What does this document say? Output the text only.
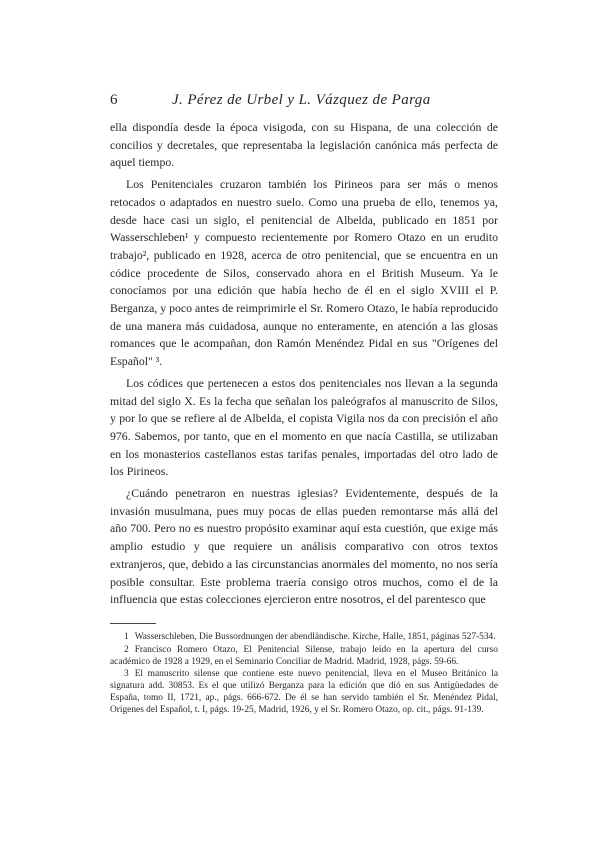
6	J. Pérez de Urbel y L. Vázquez de Parga

ella dispondía desde la época visigoda, con su Hispana, de una colección de concilios y decretales, que representaba la legislación canónica más perfecta de aquel tiempo.

Los Penitenciales cruzaron también los Pirineos para ser más o menos retocados o adaptados en nuestro suelo. Como una prueba de ello, tenemos ya, desde hace casi un siglo, el penitencial de Albelda, publicado en 1851 por Wasserschleben¹ y compuesto recientemente por Romero Otazo en un erudito trabajo², publicado en 1928, acerca de otro penitencial, que se encuentra en un códice procedente de Silos, conservado ahora en el British Museum. Ya le conocíamos por una edición que había hecho de él en el siglo XVIII el P. Berganza, y poco antes de reimprimirle el Sr. Romero Otazo, le había reproducido de una manera más cuidadosa, aunque no enteramente, en atención a las glosas romances que le acompañan, don Ramón Menéndez Pidal en sus "Orígenes del Español" ³.

Los códices que pertenecen a estos dos penitenciales nos llevan a la segunda mitad del siglo X. Es la fecha que señalan los paleógrafos al manuscrito de Silos, y por lo que se refiere al de Albelda, el copista Vigila nos da con precisión el año 976. Sabemos, por tanto, que en el momento en que nacía Castilla, se utilizaban en los monasterios castellanos estas tarifas penales, importadas del otro lado de los Pirineos.

¿Cuándo penetraron en nuestras iglesias? Evidentemente, después de la invasión musulmana, pues muy pocas de ellas pueden remontarse más allá del año 700. Pero no es nuestro propósito examinar aquí esta cuestión, que exige más amplio estudio y que requiere un análisis comparativo con otros textos extranjeros, que, debido a las circunstancias anormales del momento, no nos sería posible consultar. Este problema traería consigo otros muchos, como el de la influencia que estas colecciones ejercieron entre nosotros, el del parentesco que

1 Wasserschleben, Die Bussordnungen der abendländische. Kirche, Halle, 1851, páginas 527-534.

2 Francisco Romero Otazo, El Penitencial Silense, trabajo leído en la apertura del curso académico de 1928 a 1929, en el Seminario Conciliar de Madrid. Madrid, 1928, págs. 59-66.

3 El manuscrito silense que contiene este nuevo penitencial, lleva en el Museo Británico la signatura add. 30853. Es el que utilizó Berganza para la edición que dió en sus Antigüedades de España, tomo II, 1721, ap., págs. 666-672. De él se han servido también el Sr. Menéndez Pidal, Orígenes del Español, t. I, págs. 19-25, Madrid, 1926, y el Sr. Romero Otazo, op. cit., págs. 91-139.
